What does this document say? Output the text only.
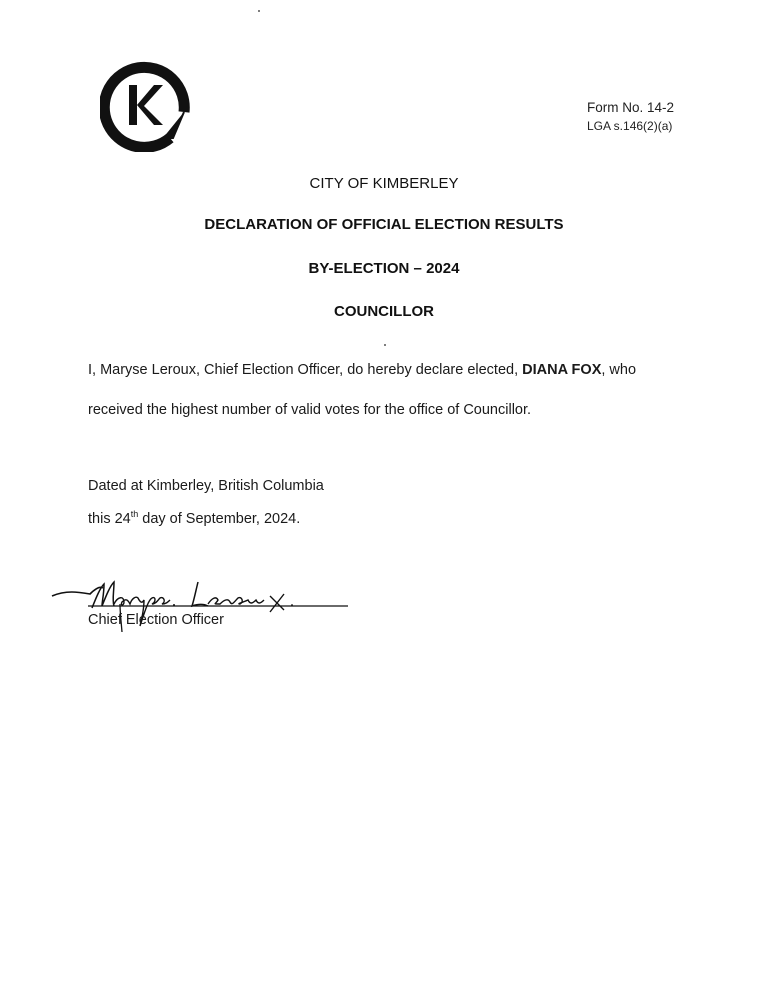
Form No. 14-2
LGA s.146(2)(a)
CITY OF KIMBERLEY
DECLARATION OF OFFICIAL ELECTION RESULTS
BY-ELECTION – 2024
COUNCILLOR
I, Maryse Leroux, Chief Election Officer, do hereby declare elected, DIANA FOX, who
received the highest number of valid votes for the office of Councillor.
Dated at Kimberley, British Columbia
this 24th day of September, 2024.
Chief Election Officer
